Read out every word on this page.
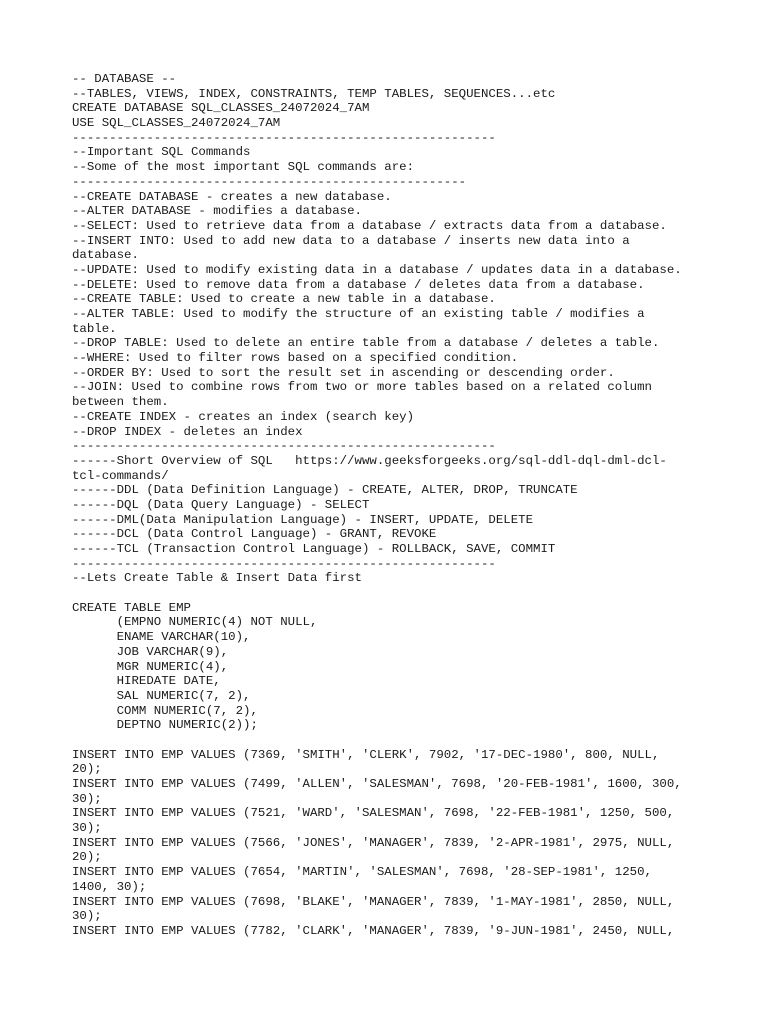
-- DATABASE --
--TABLES, VIEWS, INDEX, CONSTRAINTS, TEMP TABLES, SEQUENCES...etc
CREATE DATABASE SQL_CLASSES_24072024_7AM
USE SQL_CLASSES_24072024_7AM
---------------------------------------------------------
--Important SQL Commands
--Some of the most important SQL commands are:
-----------------------------------------------------
--CREATE DATABASE - creates a new database.
--ALTER DATABASE - modifies a database.
--SELECT: Used to retrieve data from a database / extracts data from a database.
--INSERT INTO: Used to add new data to a database / inserts new data into a
database.
--UPDATE: Used to modify existing data in a database / updates data in a database.
--DELETE: Used to remove data from a database / deletes data from a database.
--CREATE TABLE: Used to create a new table in a database.
--ALTER TABLE: Used to modify the structure of an existing table / modifies a
table.
--DROP TABLE: Used to delete an entire table from a database / deletes a table.
--WHERE: Used to filter rows based on a specified condition.
--ORDER BY: Used to sort the result set in ascending or descending order.
--JOIN: Used to combine rows from two or more tables based on a related column
between them.
--CREATE INDEX - creates an index (search key)
--DROP INDEX - deletes an index
---------------------------------------------------------
------Short Overview of SQL   https://www.geeksforgeeks.org/sql-ddl-dql-dml-dcl-
tcl-commands/
------DDL (Data Definition Language) - CREATE, ALTER, DROP, TRUNCATE
------DQL (Data Query Language) - SELECT
------DML(Data Manipulation Language) - INSERT, UPDATE, DELETE
------DCL (Data Control Language) - GRANT, REVOKE
------TCL (Transaction Control Language) - ROLLBACK, SAVE, COMMIT
---------------------------------------------------------
--Lets Create Table & Insert Data first
CREATE TABLE EMP
(EMPNO NUMERIC(4) NOT NULL,
ENAME VARCHAR(10),
JOB VARCHAR(9),
MGR NUMERIC(4),
HIREDATE DATE,
SAL NUMERIC(7, 2),
COMM NUMERIC(7, 2),
DEPTNO NUMERIC(2));
INSERT INTO EMP VALUES (7369, 'SMITH', 'CLERK', 7902, '17-DEC-1980', 800, NULL,
20);
INSERT INTO EMP VALUES (7499, 'ALLEN', 'SALESMAN', 7698, '20-FEB-1981', 1600, 300,
30);
INSERT INTO EMP VALUES (7521, 'WARD', 'SALESMAN', 7698, '22-FEB-1981', 1250, 500,
30);
INSERT INTO EMP VALUES (7566, 'JONES', 'MANAGER', 7839, '2-APR-1981', 2975, NULL,
20);
INSERT INTO EMP VALUES (7654, 'MARTIN', 'SALESMAN', 7698, '28-SEP-1981', 1250,
1400, 30);
INSERT INTO EMP VALUES (7698, 'BLAKE', 'MANAGER', 7839, '1-MAY-1981', 2850, NULL,
30);
INSERT INTO EMP VALUES (7782, 'CLARK', 'MANAGER', 7839, '9-JUN-1981', 2450, NULL,
